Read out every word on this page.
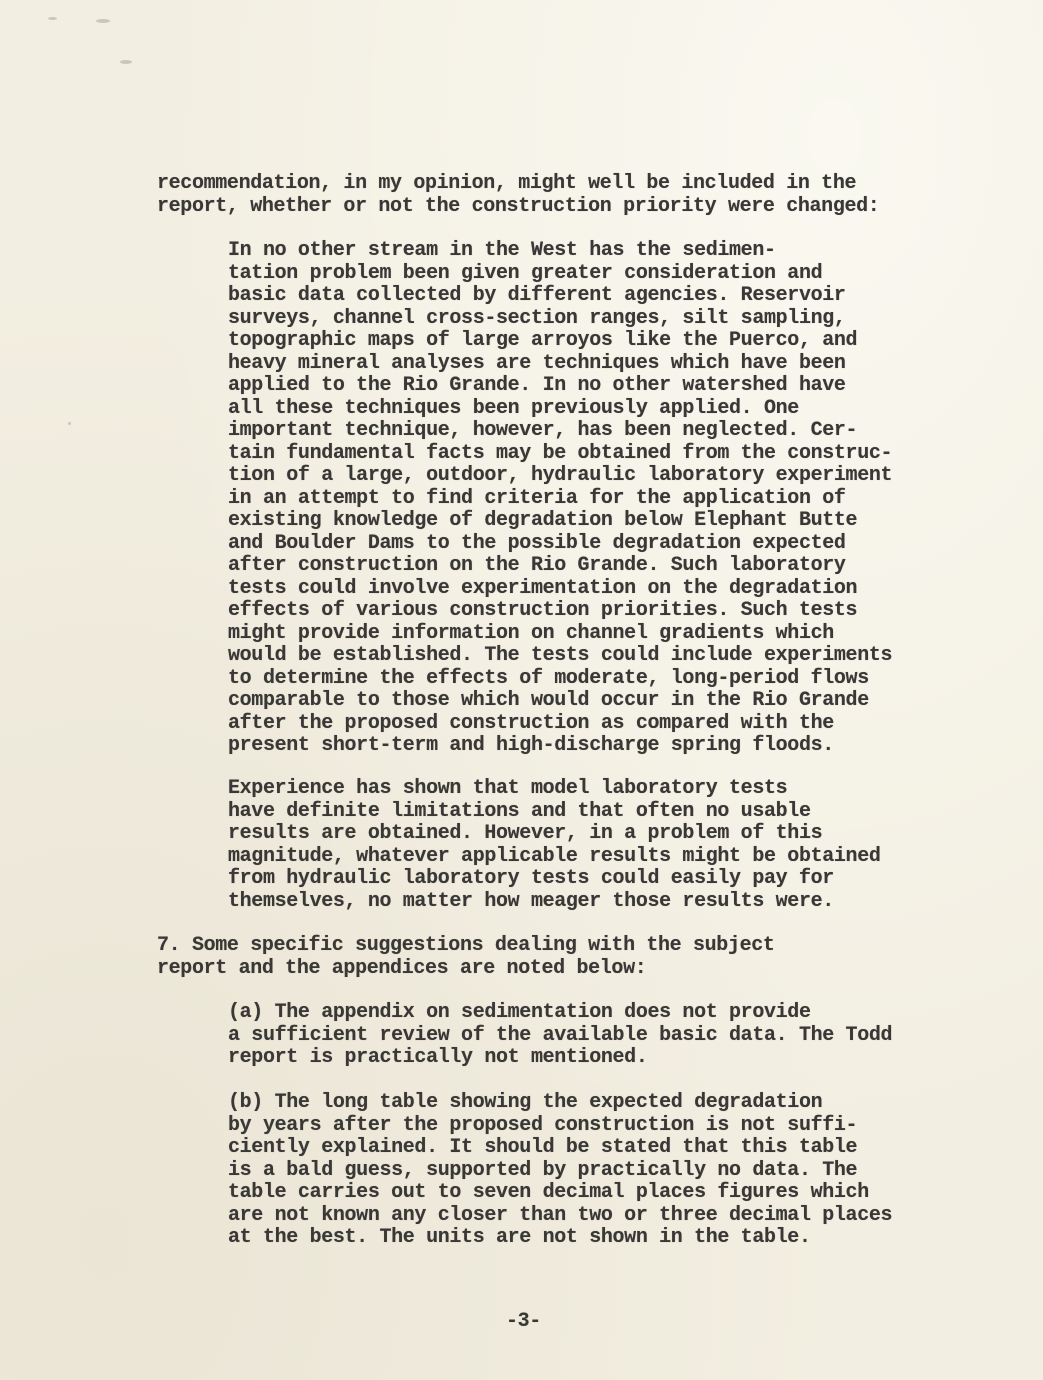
recommendation, in my opinion, might well be included in the
report, whether or not the construction priority were changed:

In no other stream in the West has the sedimen-
tation problem been given greater consideration and
basic data collected by different agencies. Reservoir
surveys, channel cross-section ranges, silt sampling,
topographic maps of large arroyos like the Puerco, and
heavy mineral analyses are techniques which have been
applied to the Rio Grande. In no other watershed have
all these techniques been previously applied. One
important technique, however, has been neglected. Cer-
tain fundamental facts may be obtained from the construc-
tion of a large, outdoor, hydraulic laboratory experiment
in an attempt to find criteria for the application of
existing knowledge of degradation below Elephant Butte
and Boulder Dams to the possible degradation expected
after construction on the Rio Grande. Such laboratory
tests could involve experimentation on the degradation
effects of various construction priorities. Such tests
might provide information on channel gradients which
would be established. The tests could include experiments
to determine the effects of moderate, long-period flows
comparable to those which would occur in the Rio Grande
after the proposed construction as compared with the
present short-term and high-discharge spring floods.

Experience has shown that model laboratory tests
have definite limitations and that often no usable
results are obtained. However, in a problem of this
magnitude, whatever applicable results might be obtained
from hydraulic laboratory tests could easily pay for
themselves, no matter how meager those results were.

7. Some specific suggestions dealing with the subject
report and the appendices are noted below:

(a) The appendix on sedimentation does not provide
a sufficient review of the available basic data. The Todd
report is practically not mentioned.

(b) The long table showing the expected degradation
by years after the proposed construction is not suffi-
ciently explained. It should be stated that this table
is a bald guess, supported by practically no data. The
table carries out to seven decimal places figures which
are not known any closer than two or three decimal places
at the best. The units are not shown in the table.

-3-
